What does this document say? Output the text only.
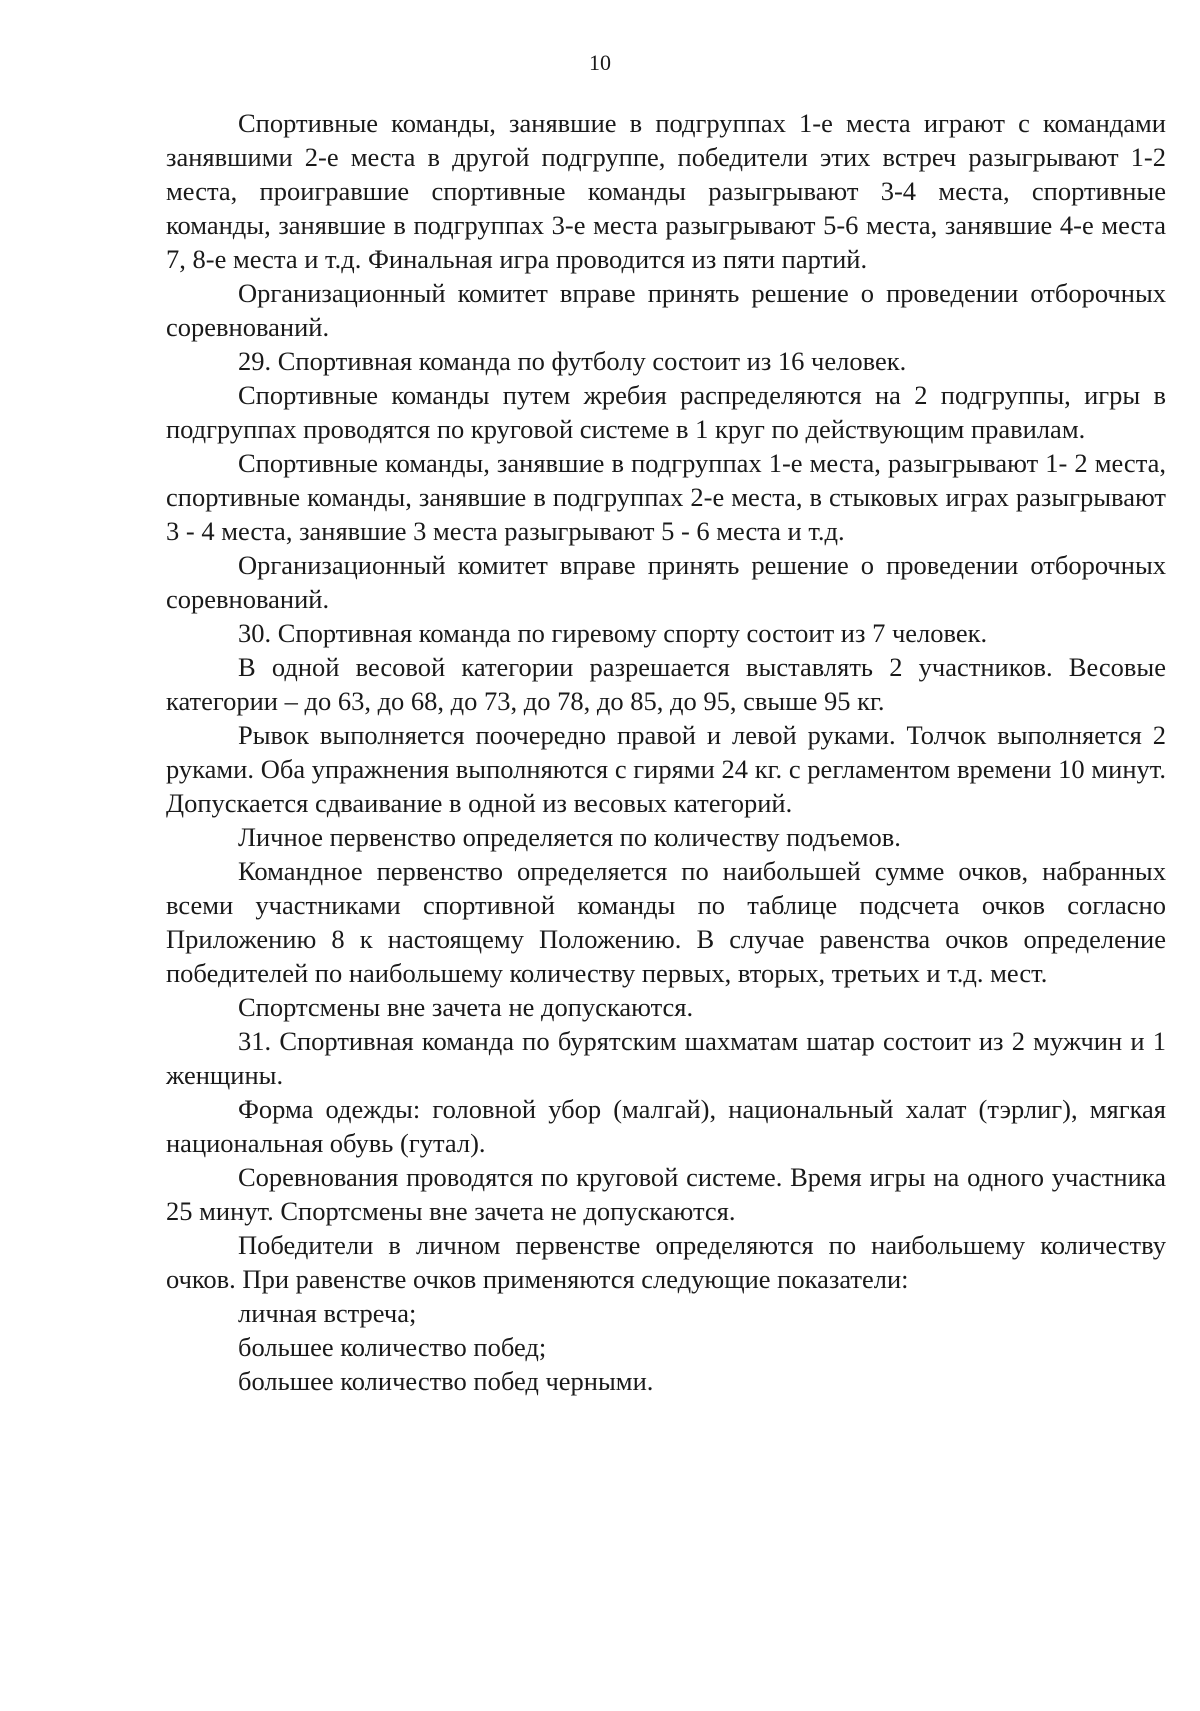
10

Спортивные команды, занявшие в подгруппах 1-е места играют с командами занявшими 2-е места в другой подгруппе, победители этих встреч разыгрывают 1-2 места, проигравшие спортивные команды разыгрывают 3-4 места, спортивные команды, занявшие в подгруппах 3-е места разыгрывают 5-6 места, занявшие 4-е места 7, 8-е места и т.д. Финальная игра проводится из пяти партий.

Организационный комитет вправе принять решение о проведении отборочных соревнований.

29. Спортивная команда по футболу состоит из 16 человек.

Спортивные команды путем жребия распределяются на 2 подгруппы, игры в подгруппах проводятся по круговой системе в 1 круг по действующим правилам.

Спортивные команды, занявшие в подгруппах 1-е места, разыгрывают 1- 2 места, спортивные команды, занявшие в подгруппах 2-е места, в стыковых играх разыгрывают 3 - 4 места, занявшие 3 места разыгрывают 5 - 6 места и т.д.

Организационный комитет вправе принять решение о проведении отборочных соревнований.

30. Спортивная команда по гиревому спорту состоит из 7 человек.

В одной весовой категории разрешается выставлять 2 участников. Весовые категории – до 63, до 68, до 73, до 78, до 85, до 95, свыше 95 кг.

Рывок выполняется поочередно правой и левой руками. Толчок выполняется 2 руками. Оба упражнения выполняются с гирями 24 кг. с регламентом времени 10 минут. Допускается сдваивание в одной из весовых категорий.

Личное первенство определяется по количеству подъемов.

Командное первенство определяется по наибольшей сумме очков, набранных всеми участниками спортивной команды по таблице подсчета очков согласно Приложению 8 к настоящему Положению. В случае равенства очков определение победителей по наибольшему количеству первых, вторых, третьих и т.д. мест.

Спортсмены вне зачета не допускаются.

31. Спортивная команда по бурятским шахматам шатар состоит из 2 мужчин и 1 женщины.

Форма одежды: головной убор (малгай), национальный халат (тэрлиг), мягкая национальная обувь (гутал).

Соревнования проводятся по круговой системе. Время игры на одного участника 25 минут. Спортсмены вне зачета не допускаются.

Победители в личном первенстве определяются по наибольшему количеству очков. При равенстве очков применяются следующие показатели:

личная встреча;

большее количество побед;

большее количество побед черными.
